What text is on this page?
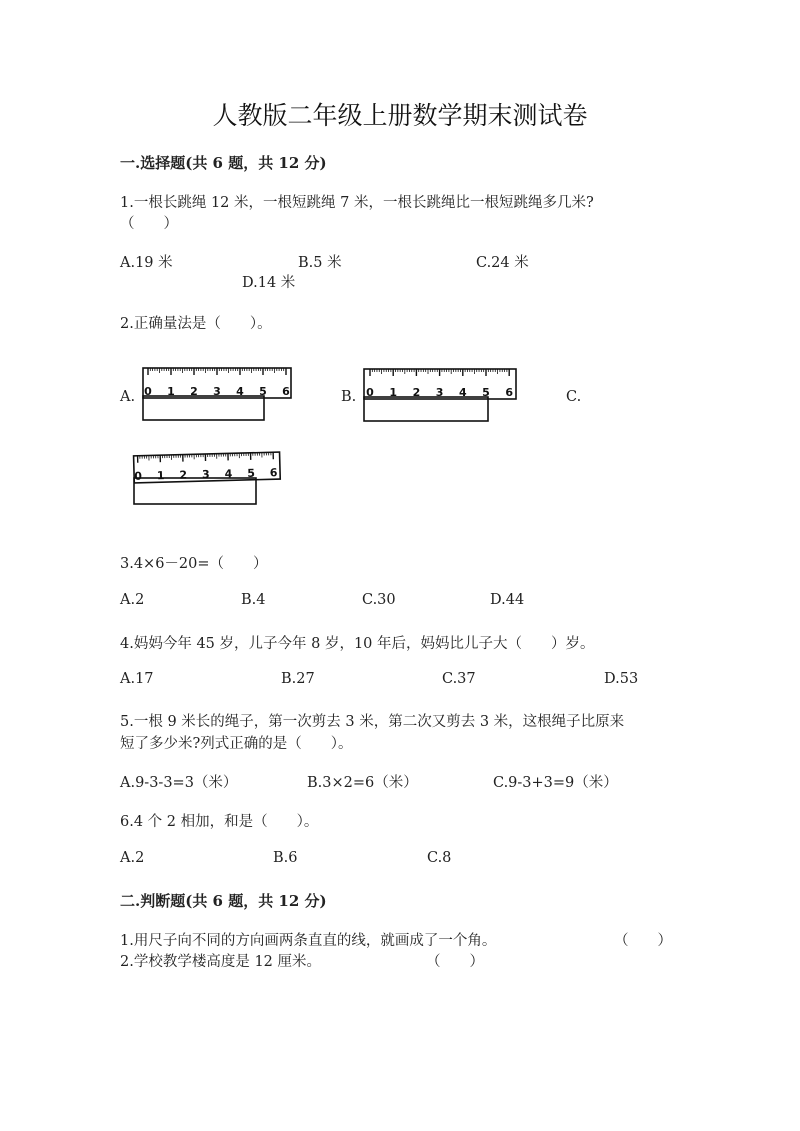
人教版二年级上册数学期末测试卷
一.选择题(共 6 题，共 12 分)
1.一根长跳绳 12 米，一根短跳绳 7 米，一根长跳绳比一根短跳绳多几米?
（　　）
A.19 米	B.5 米	C.24 米
D.14 米
2.正确量法是（　　）。
A.	B.	C.
0 1 2 3 4 5 6	0 1 2 3 4 5 6
0 1 2 3 4 5 6
3.4×6－20=（　　）
A.2	B.4	C.30	D.44
4.妈妈今年 45 岁，儿子今年 8 岁，10 年后，妈妈比儿子大（　　）岁。
A.17	B.27	C.37	D.53
5.一根 9 米长的绳子，第一次剪去 3 米，第二次又剪去 3 米，这根绳子比原来
短了多少米?列式正确的是（　　）。
A.9-3-3=3（米）	B.3×2=6（米）	C.9-3+3=9（米）
6.4 个 2 相加，和是（　　）。
A.2	B.6	C.8
二.判断题(共 6 题，共 12 分)
1.用尺子向不同的方向画两条直直的线，就画成了一个角。	（　　）
2.学校教学楼高度是 12 厘米。	（　　）
